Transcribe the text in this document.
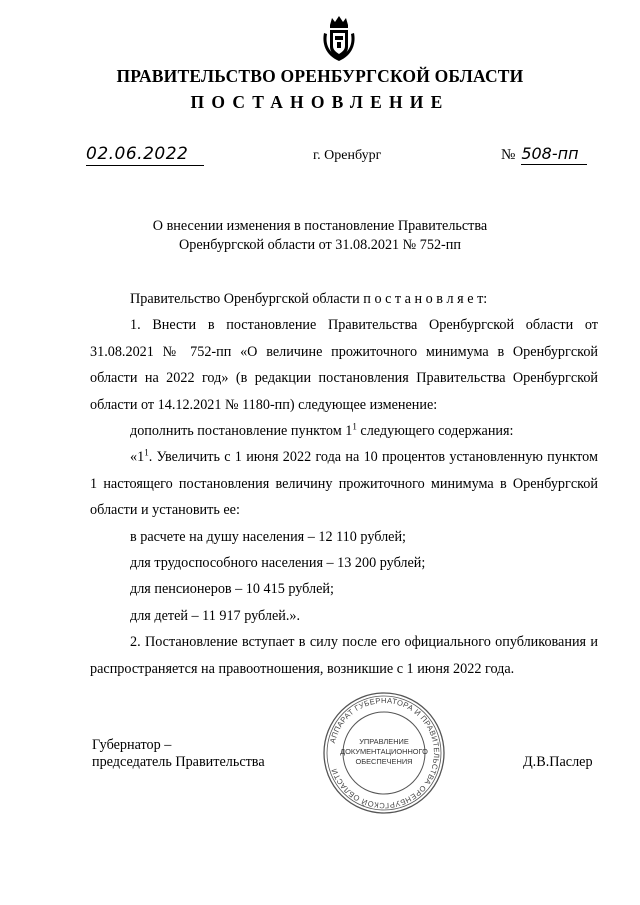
ПРАВИТЕЛЬСТВО ОРЕНБУРГСКОЙ ОБЛАСТИ
ПОСТАНОВЛЕНИЕ
02.06.2022	г. Оренбург	№ 508-пп
О внесении изменения в постановление Правительства
Оренбургской области от 31.08.2021 № 752-пп

Правительство Оренбургской области п о с т а н о в л я е т:

1. Внести в постановление Правительства Оренбургской области от 31.08.2021 № 752-пп «О величине прожиточного минимума в Оренбургской области на 2022 год» (в редакции постановления Правительства Оренбургской области от 14.12.2021 № 1180-пп) следующее изменение:

дополнить постановление пунктом $1^1$ следующего содержания:

«$1^1$. Увеличить с 1 июня 2022 года на 10 процентов установленную пунктом 1 настоящего постановления величину прожиточного минимума в Оренбургской области и установить ее:

в расчете на душу населения – 12 110 рублей;

для трудоспособного населения – 13 200 рублей;

для пенсионеров – 10 415 рублей;

для детей – 11 917 рублей.».

2. Постановление вступает в силу после его официального опубликования и распространяется на правоотношения, возникшие с 1 июня 2022 года.

Губернатор –
председатель Правительства
АППАРАТ ГУБЕРНАТОРА И ПРАВИТЕЛЬСТВА ОРЕНБУРГСКОЙ ОБЛАСТИ
УПРАВЛЕНИЕ
ДОКУМЕНТАЦИОННОГО
ОБЕСПЕЧЕНИЯ	Д.В.Паслер
